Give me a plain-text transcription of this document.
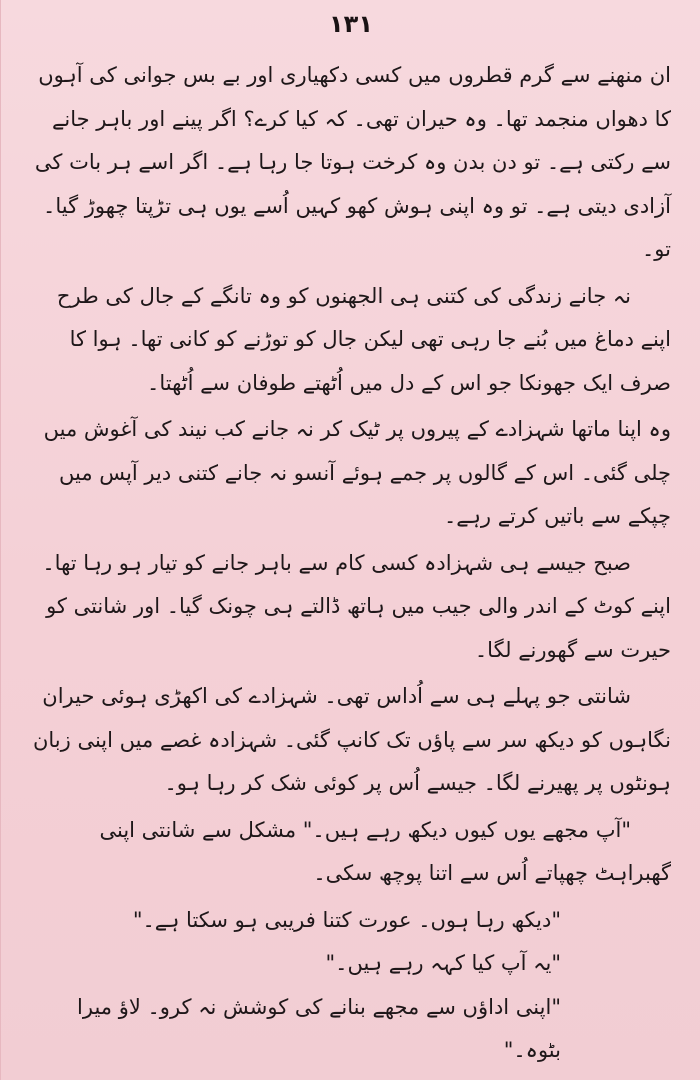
۱۳۱

ان منھنے سے گرم قطروں میں کسی دکھیاری اور بے بس جوانی کی آہوں کا دھواں منجمد تھا۔ وہ حیران تھی۔ کہ کیا کرے؟ اگر پینے اور باہر جانے سے رکتی ہے۔ تو دن بدن وہ کرخت ہوتا جا رہا ہے۔ اگر اسے ہر بات کی آزادی دیتی ہے۔ تو وہ اپنی ہوش کھو کہیں اُسے یوں ہی تڑپتا چھوڑ گیا۔ تو۔

نہ جانے زندگی کی کتنی ہی الجھنوں کو وہ تانگے کے جال کی طرح اپنے دماغ میں بُنے جا رہی تھی لیکن جال کو توڑنے کو کانی تھا۔ ہوا کا صرف ایک جھونکا جو اس کے دل میں اُٹھتے طوفان سے اُٹھتا۔

وہ اپنا ماتھا شہزادے کے پیروں پر ٹیک کر نہ جانے کب نیند کی آغوش میں چلی گئی۔ اس کے گالوں پر جمے ہوئے آنسو نہ جانے کتنی دیر آپس میں چپکے سے باتیں کرتے رہے۔

صبح جیسے ہی شہزادہ کسی کام سے باہر جانے کو تیار ہو رہا تھا۔ اپنے کوٹ کے اندر والی جیب میں ہاتھ ڈالتے ہی چونک گیا۔ اور شانتی کو حیرت سے گھورنے لگا۔

شانتی جو پہلے ہی سے اُداس تھی۔ شہزادے کی اکھڑی ہوئی حیران نگاہوں کو دیکھ سر سے پاؤں تک کانپ گئی۔ شہزادہ غصے میں اپنی زبان ہونٹوں پر پھیرنے لگا۔ جیسے اُس پر کوئی شک کر رہا ہو۔

"آپ مجھے یوں کیوں دیکھ رہے ہیں۔" مشکل سے شانتی اپنی گھبراہٹ چھپاتے اُس سے اتنا پوچھ سکی۔

"دیکھ رہا ہوں۔ عورت کتنا فریبی ہو سکتا ہے۔"

"یہ آپ کیا کہہ رہے ہیں۔"

"اپنی اداؤں سے مجھے بنانے کی کوشش نہ کرو۔ لاؤ میرا بٹوہ۔"
